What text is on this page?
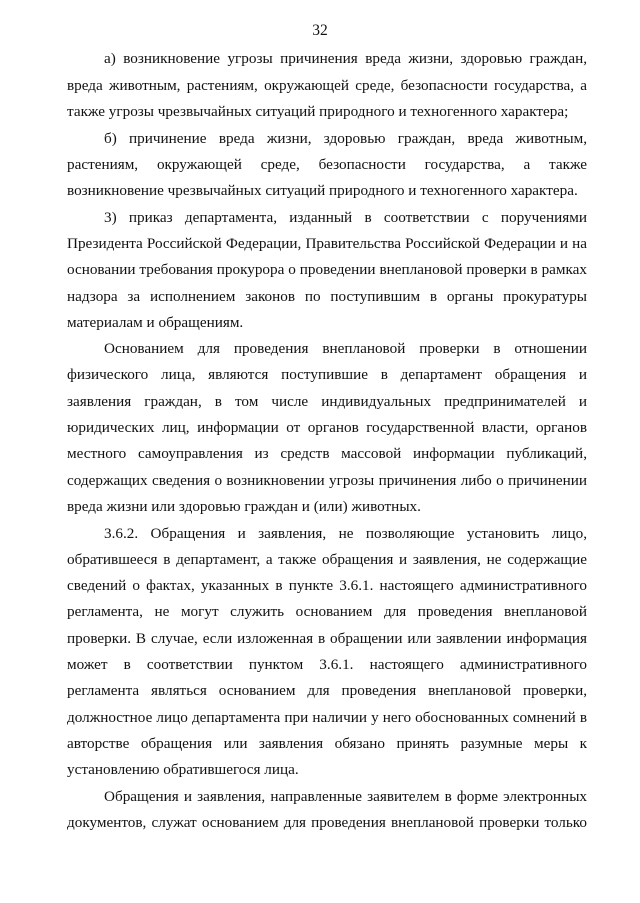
32
а) возникновение угрозы причинения вреда жизни, здоровью граждан,
вреда животным, растениям, окружающей среде, безопасности государства, а
также угрозы чрезвычайных ситуаций природного и техногенного характера;
б) причинение вреда жизни, здоровью граждан, вреда животным,
растениям, окружающей среде, безопасности государства, а также
возникновение чрезвычайных ситуаций природного и техногенного характера.
3) приказ департамента, изданный в соответствии с поручениями
Президента Российской Федерации, Правительства Российской Федерации и на
основании требования прокурора о проведении внеплановой проверки в рамках
надзора за исполнением законов по поступившим в органы прокуратуры
материалам и обращениям.
Основанием для проведения внеплановой проверки в отношении
физического лица, являются поступившие в департамент обращения и
заявления граждан, в том числе индивидуальных предпринимателей и
юридических лиц, информации от органов государственной власти, органов
местного самоуправления из средств массовой информации публикаций,
содержащих сведения о возникновении угрозы причинения либо о причинении
вреда жизни или здоровью граждан и (или) животных.
3.6.2. Обращения и заявления, не позволяющие установить лицо,
обратившееся в департамент, а также обращения и заявления, не содержащие
сведений о фактах, указанных в пункте 3.6.1. настоящего административного
регламента, не могут служить основанием для проведения внеплановой
проверки. В случае, если изложенная в обращении или заявлении информация
может в соответствии пунктом 3.6.1. настоящего административного
регламента являться основанием для проведения внеплановой проверки,
должностное лицо департамента при наличии у него обоснованных сомнений в
авторстве обращения или заявления обязано принять разумные меры к
установлению обратившегося лица.
Обращения и заявления, направленные заявителем в форме электронных
документов, служат основанием для проведения внеплановой проверки только
